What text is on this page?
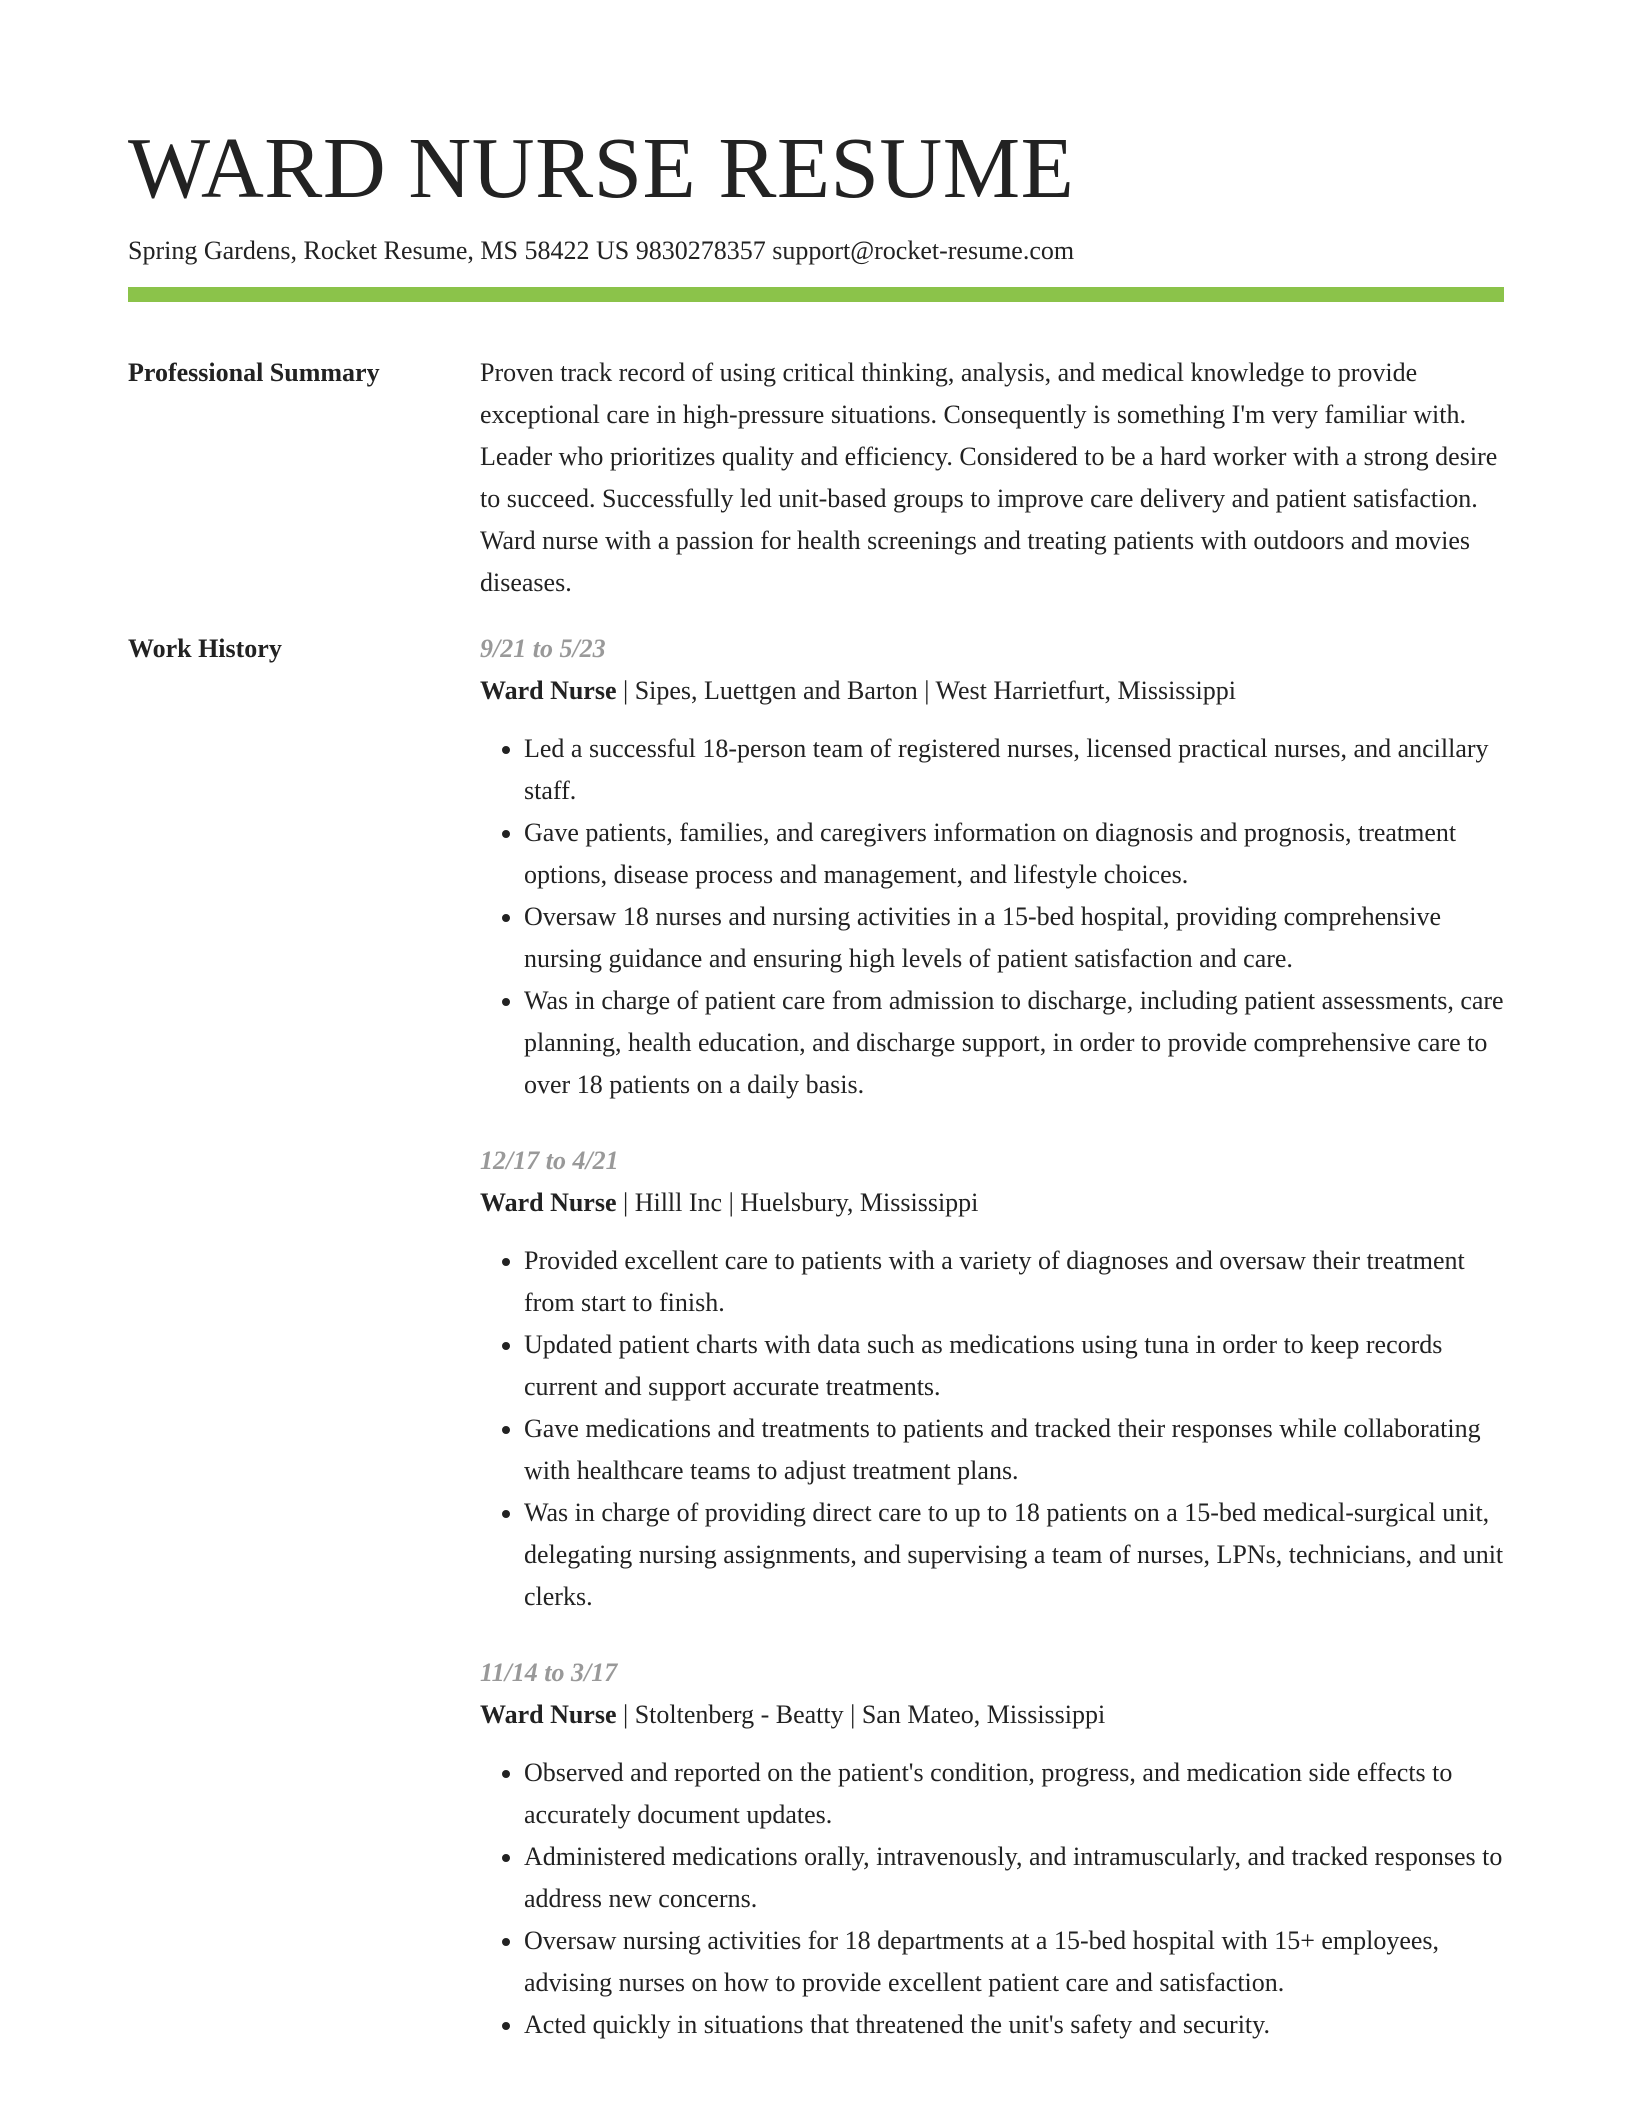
WARD NURSE RESUME
Spring Gardens, Rocket Resume, MS 58422 US 9830278357 support@rocket-resume.com
Professional Summary	Proven track record of using critical thinking, analysis, and medical knowledge to provide exceptional care in high-pressure situations. Consequently is something I'm very familiar with. Leader who prioritizes quality and efficiency. Considered to be a hard worker with a strong desire to succeed. Successfully led unit-based groups to improve care delivery and patient satisfaction. Ward nurse with a passion for health screenings and treating patients with outdoors and movies diseases.
Work History	9/21 to 5/23
Ward Nurse | Sipes, Luettgen and Barton | West Harrietfurt, Mississippi
• Led a successful 18-person team of registered nurses, licensed practical nurses, and ancillary staff.
• Gave patients, families, and caregivers information on diagnosis and prognosis, treatment options, disease process and management, and lifestyle choices.
• Oversaw 18 nurses and nursing activities in a 15-bed hospital, providing comprehensive nursing guidance and ensuring high levels of patient satisfaction and care.
• Was in charge of patient care from admission to discharge, including patient assessments, care planning, health education, and discharge support, in order to provide comprehensive care to over 18 patients on a daily basis.
12/17 to 4/21
Ward Nurse | Hilll Inc | Huelsbury, Mississippi
• Provided excellent care to patients with a variety of diagnoses and oversaw their treatment from start to finish.
• Updated patient charts with data such as medications using tuna in order to keep records current and support accurate treatments.
• Gave medications and treatments to patients and tracked their responses while collaborating with healthcare teams to adjust treatment plans.
• Was in charge of providing direct care to up to 18 patients on a 15-bed medical-surgical unit, delegating nursing assignments, and supervising a team of nurses, LPNs, technicians, and unit clerks.
11/14 to 3/17
Ward Nurse | Stoltenberg - Beatty | San Mateo, Mississippi
• Observed and reported on the patient's condition, progress, and medication side effects to accurately document updates.
• Administered medications orally, intravenously, and intramuscularly, and tracked responses to address new concerns.
• Oversaw nursing activities for 18 departments at a 15-bed hospital with 15+ employees, advising nurses on how to provide excellent patient care and satisfaction.
• Acted quickly in situations that threatened the unit's safety and security.
